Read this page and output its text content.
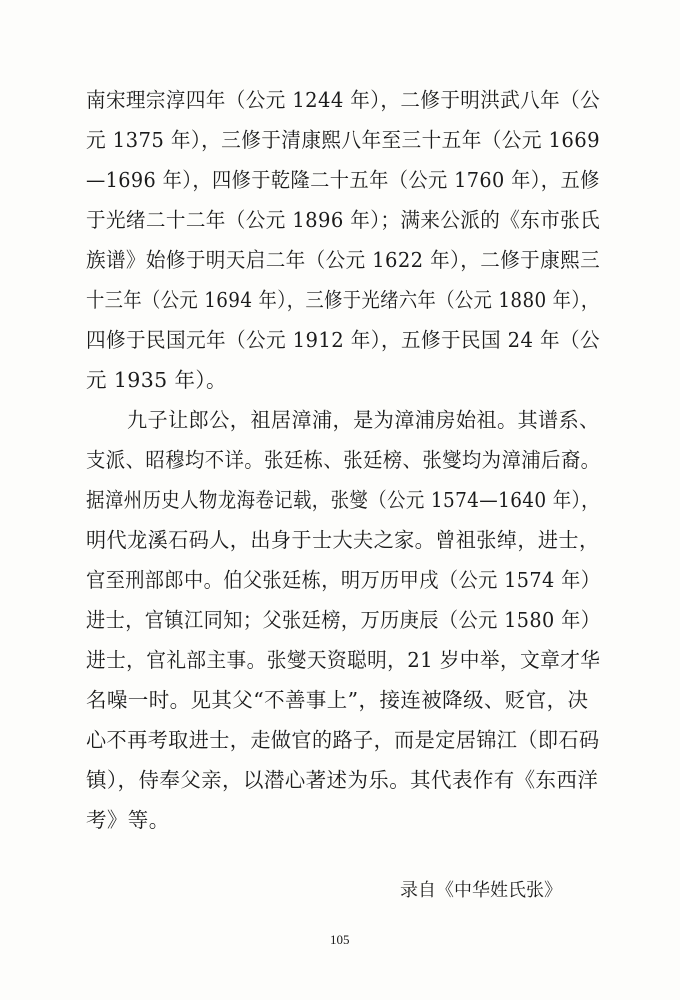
南宋理宗淳四年（公元 1244 年），二修于明洪武八年（公
元 1375 年），三修于清康熙八年至三十五年（公元 1669
—1696 年），四修于乾隆二十五年（公元 1760 年），五修
于光绪二十二年（公元 1896 年）；满来公派的《东市张氏
族谱》始修于明天启二年（公元 1622 年），二修于康熙三
十三年（公元 1694 年），三修于光绪六年（公元 1880 年），
四修于民国元年（公元 1912 年），五修于民国 24 年（公
元 1935 年）。
九子让郎公，祖居漳浦，是为漳浦房始祖。其谱系、
支派、昭穆均不详。张廷栋、张廷榜、张燮均为漳浦后裔。
据漳州历史人物龙海卷记载，张燮（公元 1574—1640 年），
明代龙溪石码人，出身于士大夫之家。曾祖张绰，进士，
官至刑部郎中。伯父张廷栋，明万历甲戌（公元 1574 年）
进士，官镇江同知；父张廷榜，万历庚辰（公元 1580 年）
进士，官礼部主事。张燮天资聪明，21 岁中举，文章才华
名噪一时。见其父“不善事上”，接连被降级、贬官，决
心不再考取进士，走做官的路子，而是定居锦江（即石码
镇），侍奉父亲，以潜心著述为乐。其代表作有《东西洋
考》等。
录自《中华姓氏张》
105
